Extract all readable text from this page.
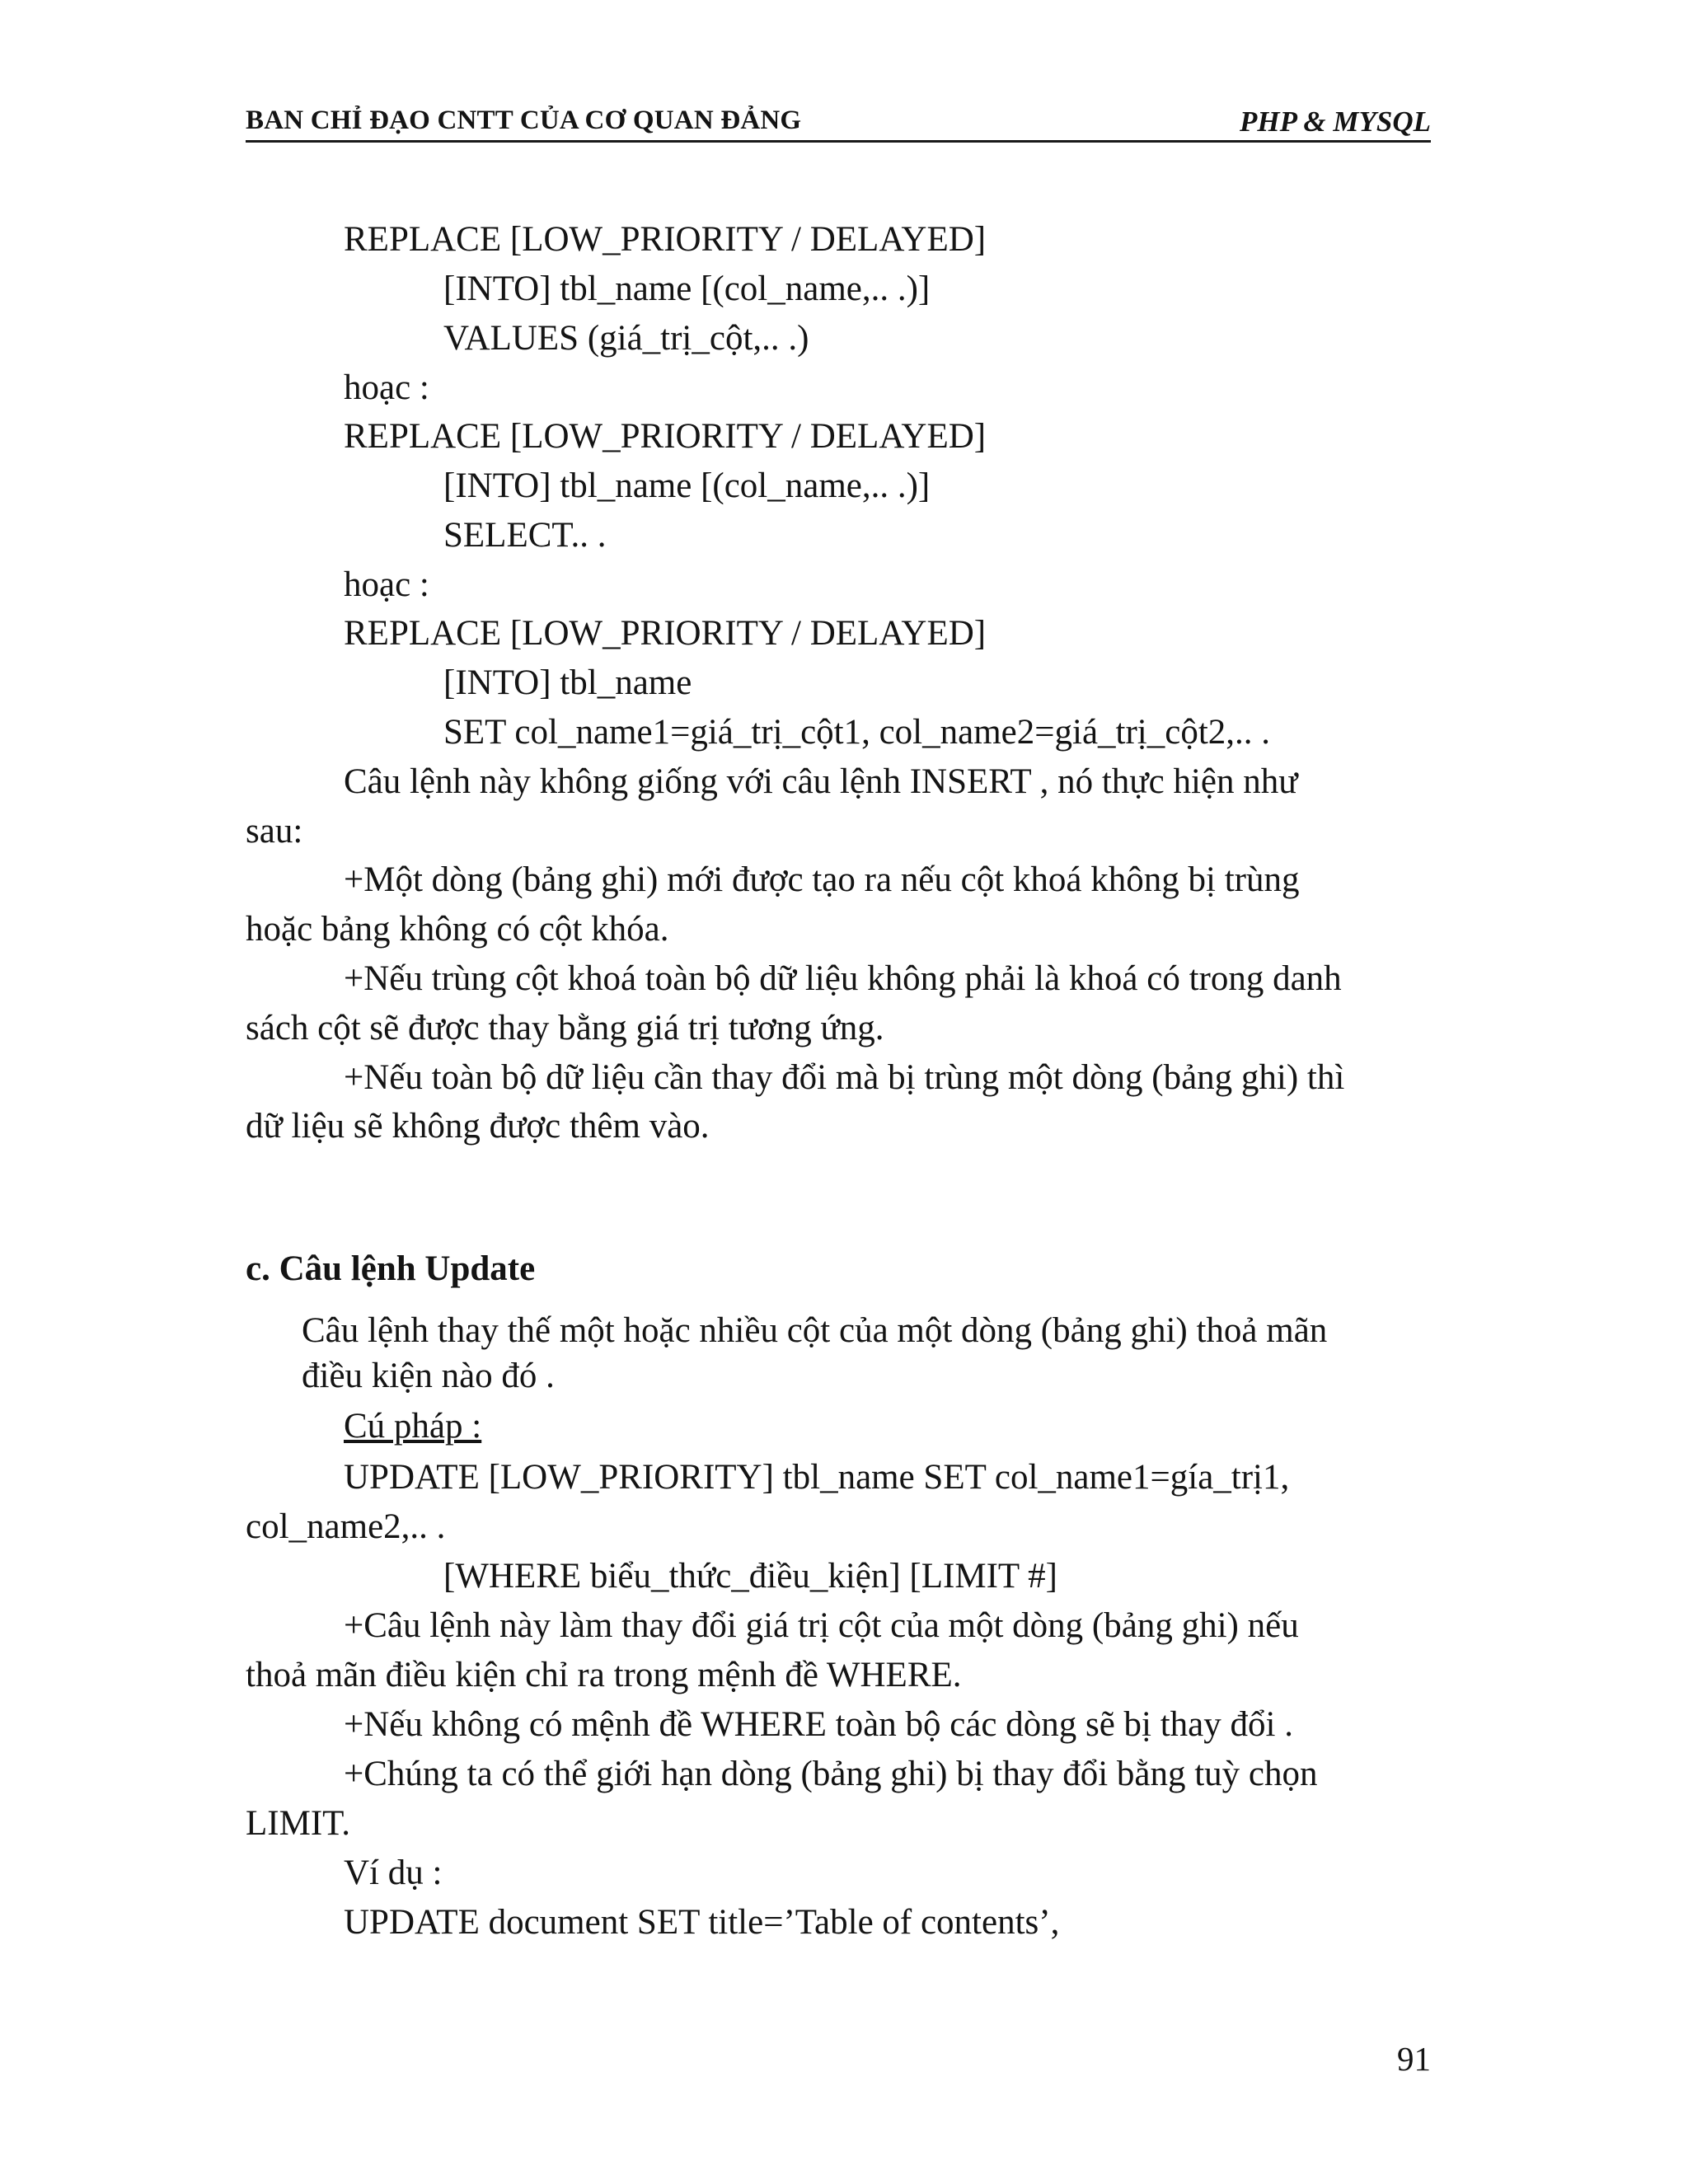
BAN CHỈ ĐẠO CNTT CỦA CƠ QUAN ĐẢNG	PHP & MYSQL
REPLACE [LOW_PRIORITY / DELAYED]
[INTO] tbl_name [(col_name,.. .)]
VALUES (giá_trị_cột,.. .)
hoạc :
REPLACE [LOW_PRIORITY / DELAYED]
[INTO] tbl_name [(col_name,.. .)]
SELECT.. .
hoạc :
REPLACE [LOW_PRIORITY / DELAYED]
[INTO] tbl_name
SET col_name1=giá_trị_cột1, col_name2=giá_trị_cột2,.. .
Câu lệnh này không giống với câu lệnh INSERT , nó thực hiện như
sau:
+Một dòng (bảng ghi) mới được tạo ra nếu cột khoá không bị trùng
hoặc bảng không có cột khóa.
+Nếu trùng cột khoá toàn bộ dữ liệu không phải là khoá có trong danh
sách cột sẽ được thay bằng giá trị tương ứng.
+Nếu toàn bộ dữ liệu cần thay đổi mà bị trùng một dòng (bảng ghi) thì
dữ liệu sẽ không được thêm vào.
c. Câu lệnh Update
Câu lệnh thay thế một hoặc nhiều cột của một dòng (bảng ghi) thoả mãn
điều kiện nào đó .
Cú pháp :
UPDATE [LOW_PRIORITY] tbl_name SET col_name1=gía_trị1,
col_name2,.. .
[WHERE biểu_thức_điều_kiện] [LIMIT #]
+Câu lệnh này làm thay đổi giá trị cột của một dòng (bảng ghi) nếu
thoả mãn điều kiện chỉ ra trong mệnh đề WHERE.
+Nếu không có mệnh đề WHERE toàn bộ các dòng sẽ bị thay đổi .
+Chúng ta có thể giới hạn dòng (bảng ghi) bị thay đổi bằng tuỳ chọn
LIMIT.
Ví dụ :
UPDATE document SET title=’Table of contents’,
91
